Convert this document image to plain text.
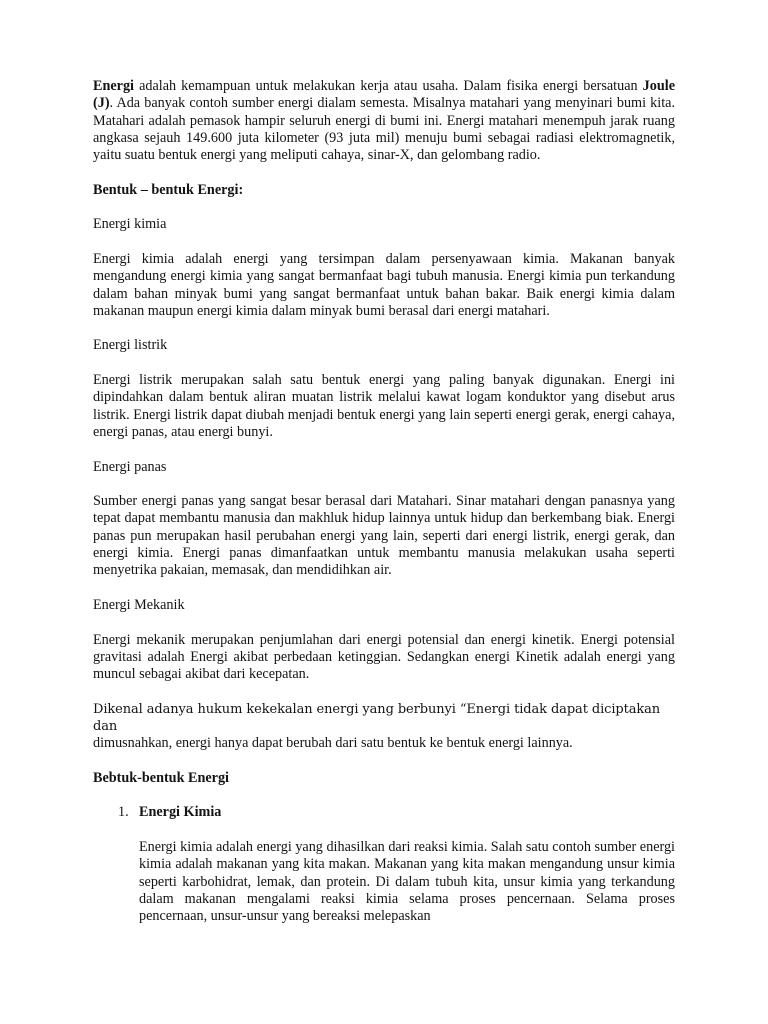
Energi adalah kemampuan untuk melakukan kerja atau usaha. Dalam fisika energi bersatuan Joule (J). Ada banyak contoh sumber energi dialam semesta. Misalnya matahari yang menyinari bumi kita. Matahari adalah pemasok hampir seluruh energi di bumi ini. Energi matahari menempuh jarak ruang angkasa sejauh 149.600 juta kilometer (93 juta mil) menuju bumi sebagai radiasi elektromagnetik, yaitu suatu bentuk energi yang meliputi cahaya, sinar-X, dan gelombang radio.

Bentuk – bentuk Energi:

Energi kimia

Energi kimia adalah energi yang tersimpan dalam persenyawaan kimia. Makanan banyak mengandung energi kimia yang sangat bermanfaat bagi tubuh manusia. Energi kimia pun terkandung dalam bahan minyak bumi yang sangat bermanfaat untuk bahan bakar. Baik energi kimia dalam makanan maupun energi kimia dalam minyak bumi berasal dari energi matahari.

Energi listrik

Energi listrik merupakan salah satu bentuk energi yang paling banyak digunakan. Energi ini dipindahkan dalam bentuk aliran muatan listrik melalui kawat logam konduktor yang disebut arus listrik. Energi listrik dapat diubah menjadi bentuk energi yang lain seperti energi gerak, energi cahaya, energi panas, atau energi bunyi.

Energi panas

Sumber energi panas yang sangat besar berasal dari Matahari. Sinar matahari dengan panasnya yang tepat dapat membantu manusia dan makhluk hidup lainnya untuk hidup dan berkembang biak. Energi panas pun merupakan hasil perubahan energi yang lain, seperti dari energi listrik, energi gerak, dan energi kimia. Energi panas dimanfaatkan untuk membantu manusia melakukan usaha seperti menyetrika pakaian, memasak, dan mendidihkan air.

Energi Mekanik

Energi mekanik merupakan penjumlahan dari energi potensial dan energi kinetik. Energi potensial gravitasi adalah Energi akibat perbedaan ketinggian. Sedangkan energi Kinetik adalah energi yang muncul sebagai akibat dari kecepatan.

Dikenal adanya hukum kekekalan energi yang berbunyi “Energi tidak dapat diciptakan dan
dimusnahkan, energi hanya dapat berubah dari satu bentuk ke bentuk energi lainnya.

Bebtuk-bentuk Energi

1. Energi Kimia

Energi kimia adalah energi yang dihasilkan dari reaksi kimia. Salah satu contoh sumber energi kimia adalah makanan yang kita makan. Makanan yang kita makan mengandung unsur kimia seperti karbohidrat, lemak, dan protein. Di dalam tubuh kita, unsur kimia yang terkandung dalam makanan mengalami reaksi kimia selama proses pencernaan. Selama proses pencernaan, unsur-unsur yang bereaksi melepaskan
